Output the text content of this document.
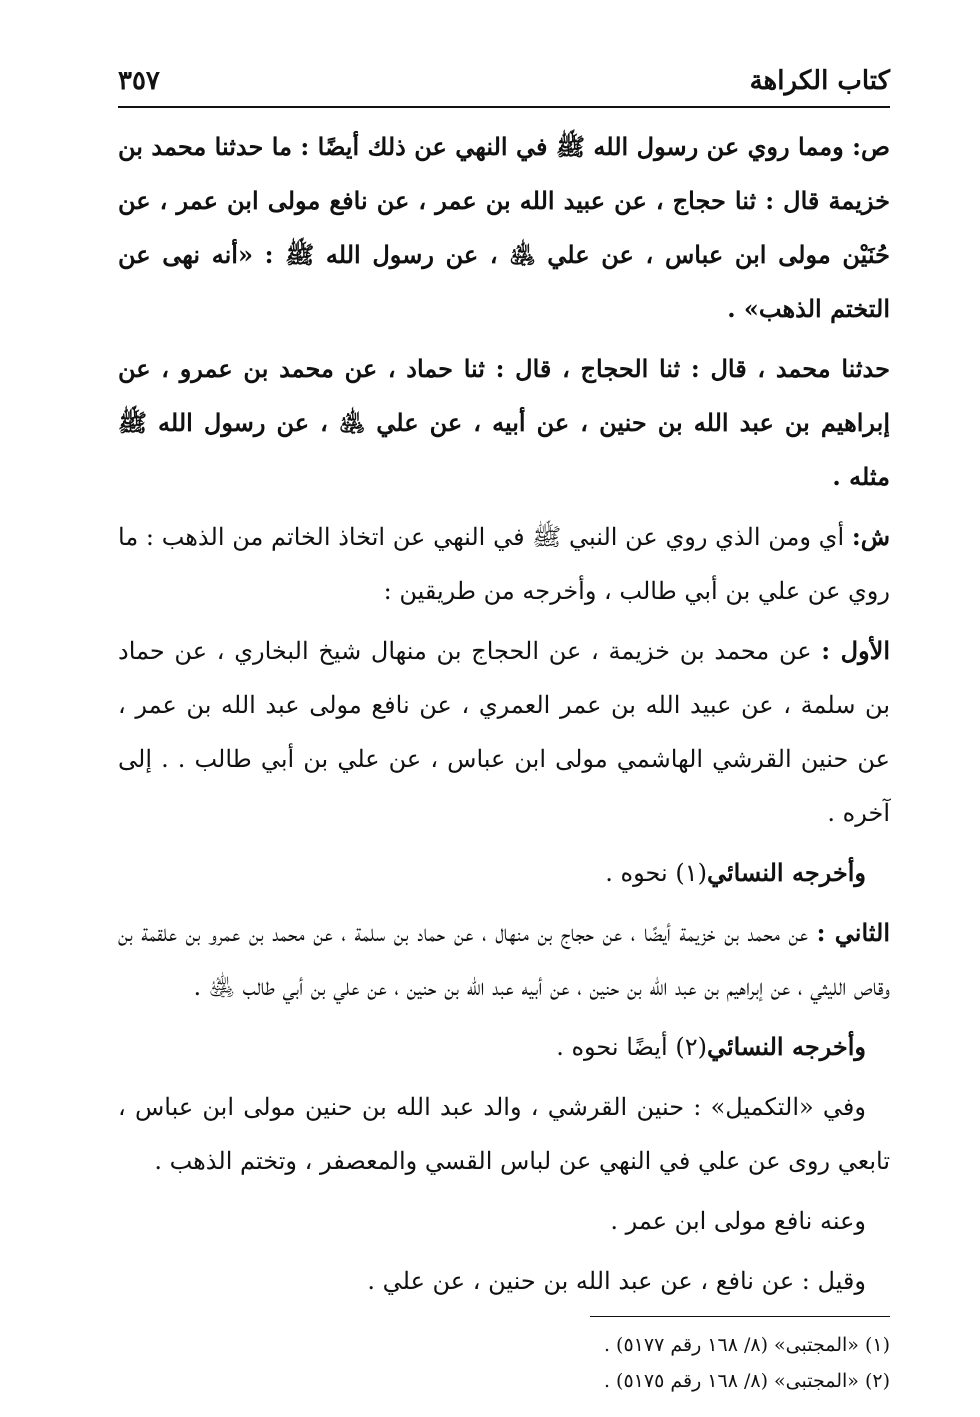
كتاب الكراهة
٣٥٧

ص: ومما روي عن رسول الله ﷺ في النهي عن ذلك أيضًا : ما حدثنا محمد بن خزيمة قال : ثنا حجاج ، عن عبيد الله بن عمر ، عن نافع مولى ابن عمر ، عن حُنَيْن مولى ابن عباس ، عن علي ﵁ ، عن رسول الله ﷺ : «أنه نهى عن التختم الذهب» .

حدثنا محمد ، قال : ثنا الحجاج ، قال : ثنا حماد ، عن محمد بن عمرو ، عن إبراهيم بن عبد الله بن حنين ، عن أبيه ، عن علي ﵁ ، عن رسول الله ﷺ مثله .

ش: أي ومن الذي روي عن النبي ﷺ في النهي عن اتخاذ الخاتم من الذهب : ما روي عن علي بن أبي طالب ، وأخرجه من طريقين :

الأول : عن محمد بن خزيمة ، عن الحجاج بن منهال شيخ البخاري ، عن حماد بن سلمة ، عن عبيد الله بن عمر العمري ، عن نافع مولى عبد الله بن عمر ، عن حنين القرشي الهاشمي مولى ابن عباس ، عن علي بن أبي طالب . . إلى آخره .

وأخرجه النسائي(١) نحوه .

الثاني : عن محمد بن خزيمة أيضًا ، عن حجاج بن منهال ، عن حماد بن سلمة ، عن محمد بن عمرو بن علقمة بن وقاص الليثي ، عن إبراهيم بن عبد الله بن حنين ، عن أبيه عبد الله بن حنين ، عن علي بن أبي طالب ﵁ .

وأخرجه النسائي(٢) أيضًا نحوه .

وفي «التكميل» : حنين القرشي ، والد عبد الله بن حنين مولى ابن عباس ، تابعي روى عن علي في النهي عن لباس القسي والمعصفر ، وتختم الذهب .

وعنه نافع مولى ابن عمر .

وقيل : عن نافع ، عن عبد الله بن حنين ، عن علي .

(١) «المجتبى» (٨/ ١٦٨ رقم ٥١٧٧) .

(٢) «المجتبى» (٨/ ١٦٨ رقم ٥١٧٥) .
